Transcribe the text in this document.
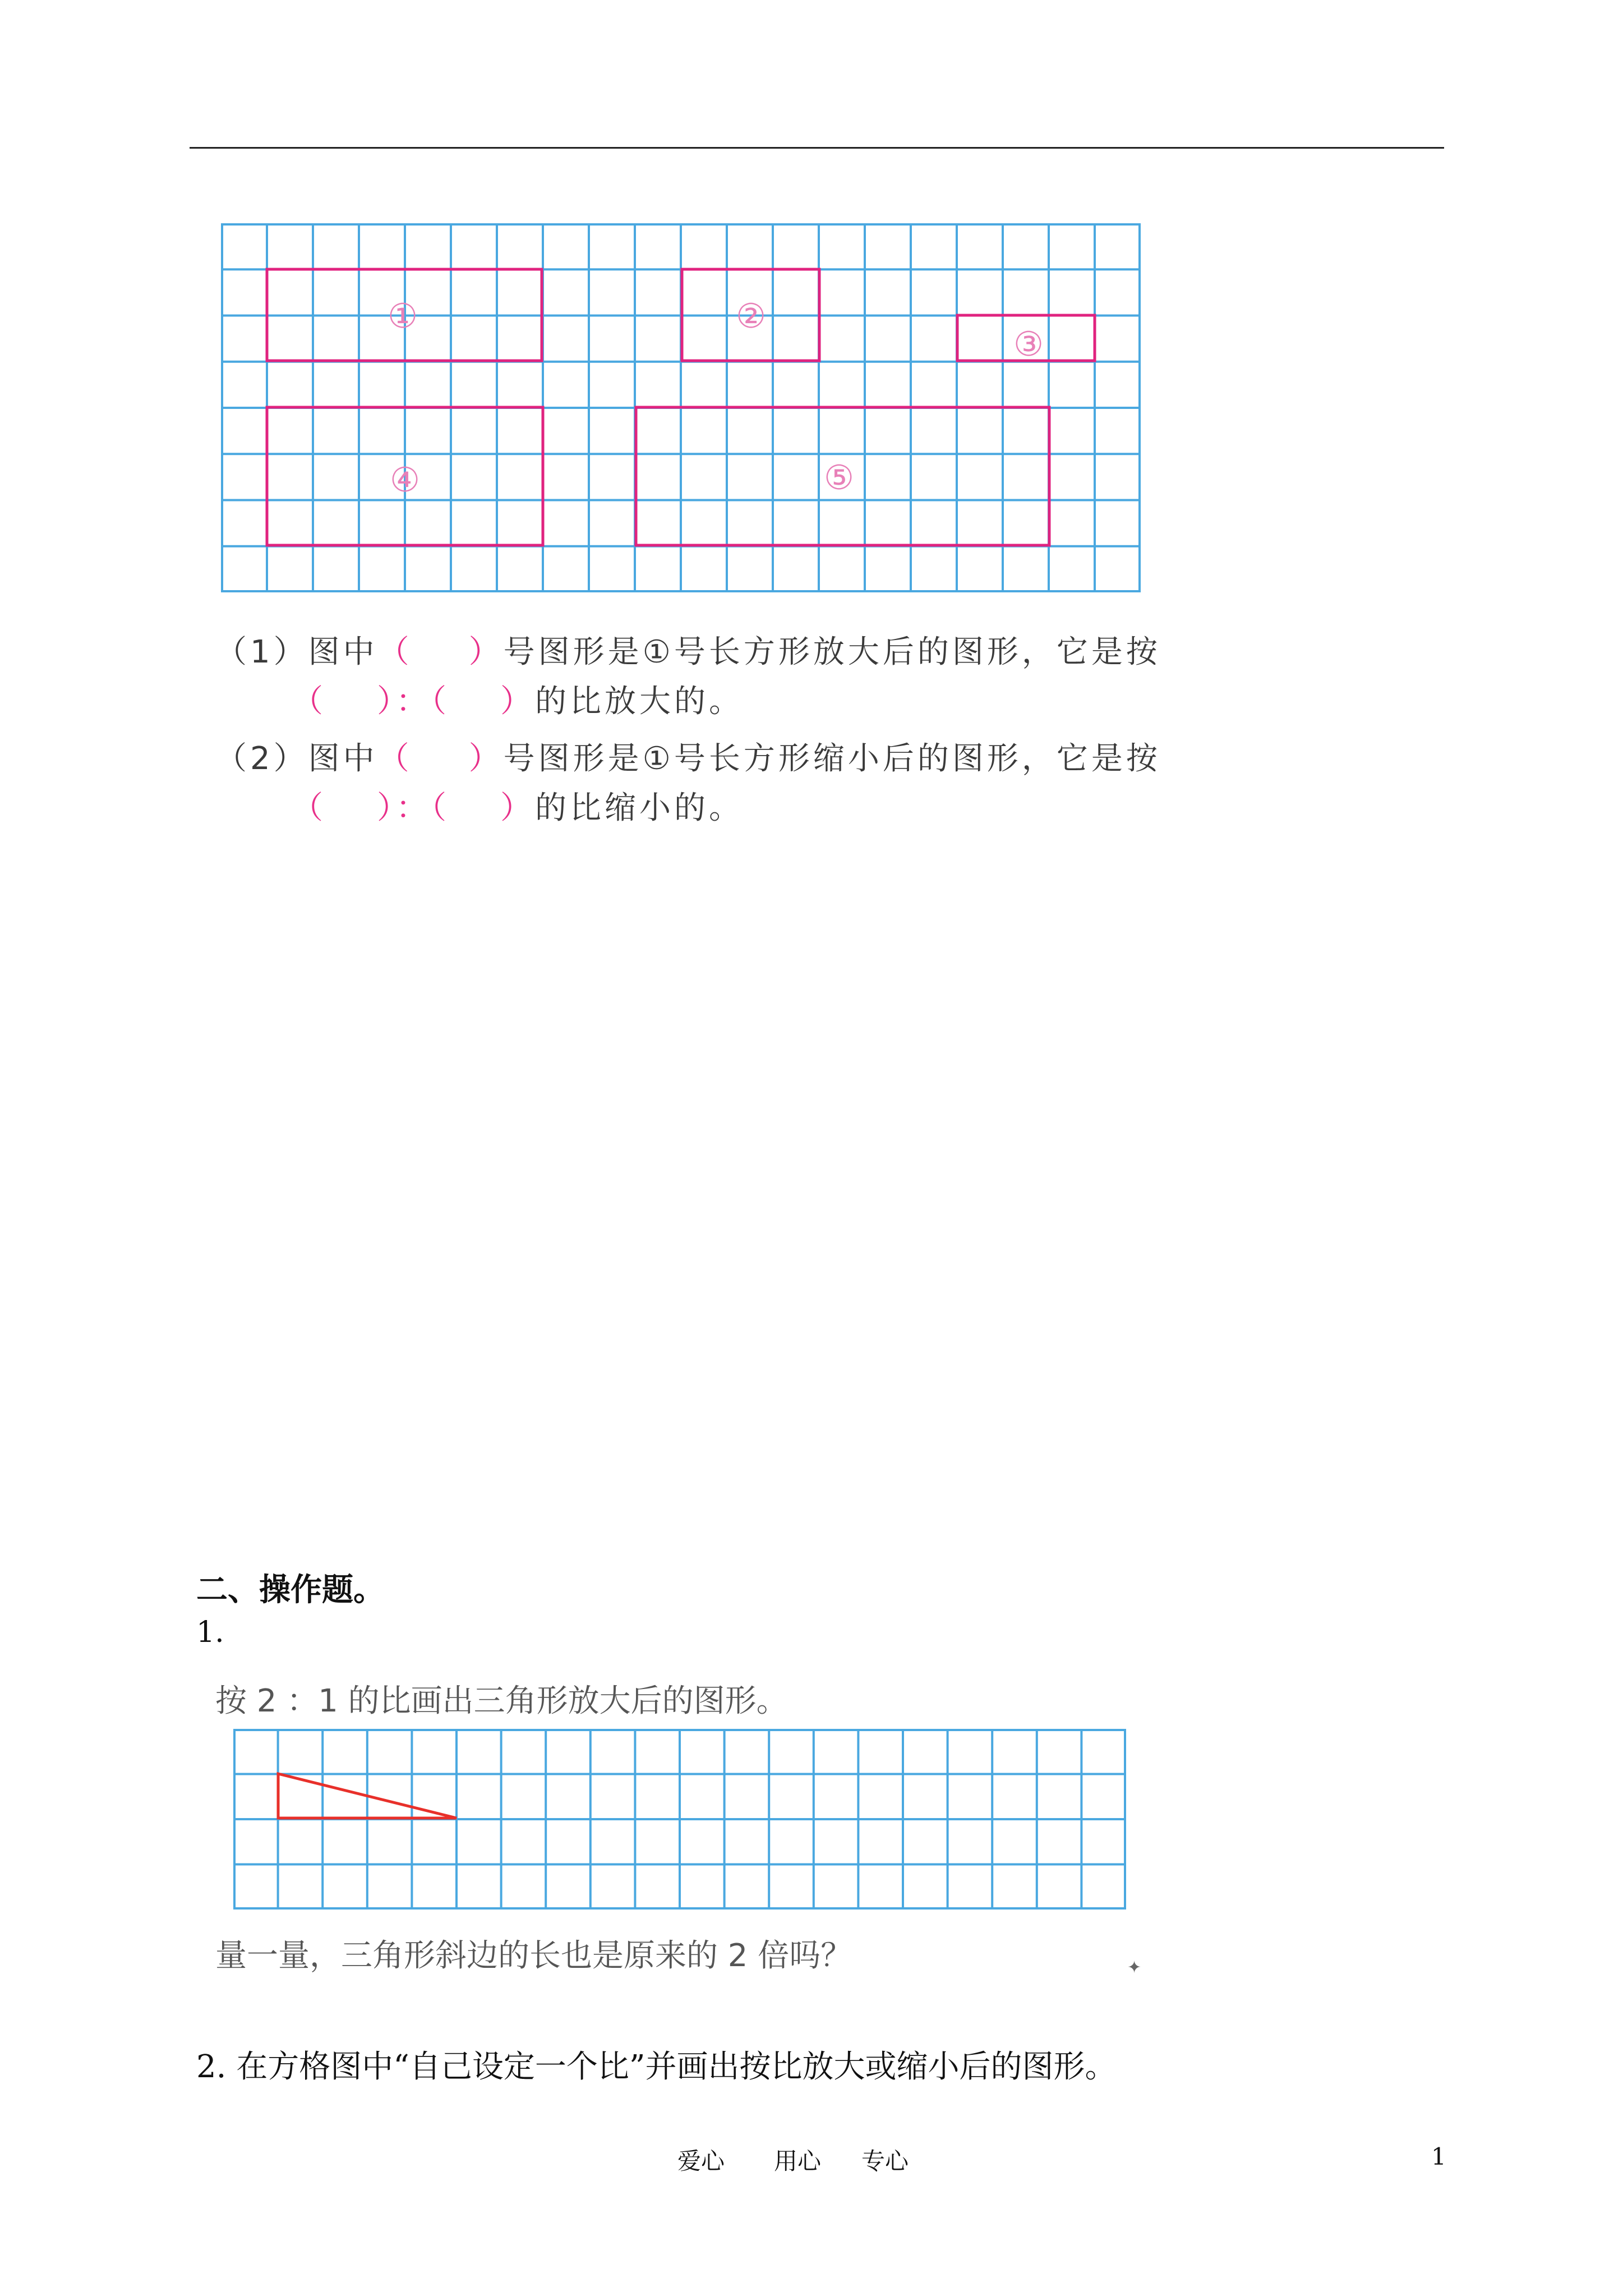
①	②
③
④	⑤
（1）图中（ ）号图形是①号长方形放大后的图形，它是按
（ ）：（ ）的比放大的。
（2）图中（ ）号图形是①号长方形缩小后的图形，它是按
（ ）：（ ）的比缩小的。
二、操作题。
1.
按 2 ：1 的比画出三角形放大后的图形。
量一量，三角形斜边的长也是原来的 2 倍吗？	✦
2. 在方格图中“自己设定一个比”并画出按比放大或缩小后的图形。
爱心 用心 专心	1
